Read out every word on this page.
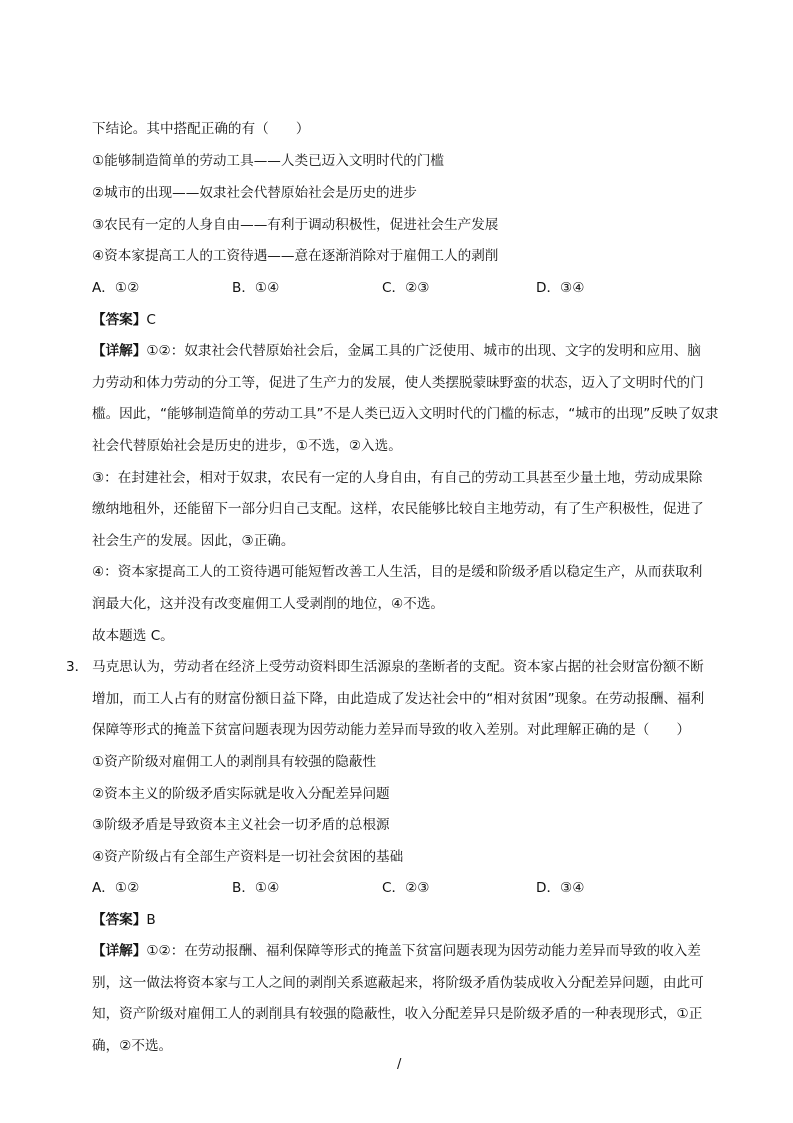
下结论。其中搭配正确的有（　　）
①能够制造简单的劳动工具——人类已迈入文明时代的门槛
②城市的出现——奴隶社会代替原始社会是历史的进步
③农民有一定的人身自由——有利于调动积极性，促进社会生产发展
④资本家提高工人的工资待遇——意在逐渐消除对于雇佣工人的剥削
A．①②	B．①④	C．②③	D．③④
【答案】C
【详解】①②：奴隶社会代替原始社会后，金属工具的广泛使用、城市的出现、文字的发明和应用、脑
力劳动和体力劳动的分工等，促进了生产力的发展，使人类摆脱蒙昧野蛮的状态，迈入了文明时代的门
槛。因此，“能够制造简单的劳动工具”不是人类已迈入文明时代的门槛的标志，“城市的出现”反映了奴隶
社会代替原始社会是历史的进步，①不选，②入选。
③：在封建社会，相对于奴隶，农民有一定的人身自由，有自己的劳动工具甚至少量土地，劳动成果除
缴纳地租外，还能留下一部分归自己支配。这样，农民能够比较自主地劳动，有了生产积极性，促进了
社会生产的发展。因此，③正确。
④：资本家提高工人的工资待遇可能短暂改善工人生活，目的是缓和阶级矛盾以稳定生产，从而获取利
润最大化，这并没有改变雇佣工人受剥削的地位，④不选。
故本题选 C。
3． 马克思认为，劳动者在经济上受劳动资料即生活源泉的垄断者的支配。资本家占据的社会财富份额不断
增加，而工人占有的财富份额日益下降，由此造成了发达社会中的“相对贫困”现象。在劳动报酬、福利
保障等形式的掩盖下贫富问题表现为因劳动能力差异而导致的收入差别。对此理解正确的是（　　）
①资产阶级对雇佣工人的剥削具有较强的隐蔽性
②资本主义的阶级矛盾实际就是收入分配差异问题
③阶级矛盾是导致资本主义社会一切矛盾的总根源
④资产阶级占有全部生产资料是一切社会贫困的基础
A．①②	B．①④	C．②③	D．③④
【答案】B
【详解】①②：在劳动报酬、福利保障等形式的掩盖下贫富问题表现为因劳动能力差异而导致的收入差
别，这一做法将资本家与工人之间的剥削关系遮蔽起来，将阶级矛盾伪装成收入分配差异问题，由此可
知，资产阶级对雇佣工人的剥削具有较强的隐蔽性，收入分配差异只是阶级矛盾的一种表现形式，①正
确，②不选。
/
